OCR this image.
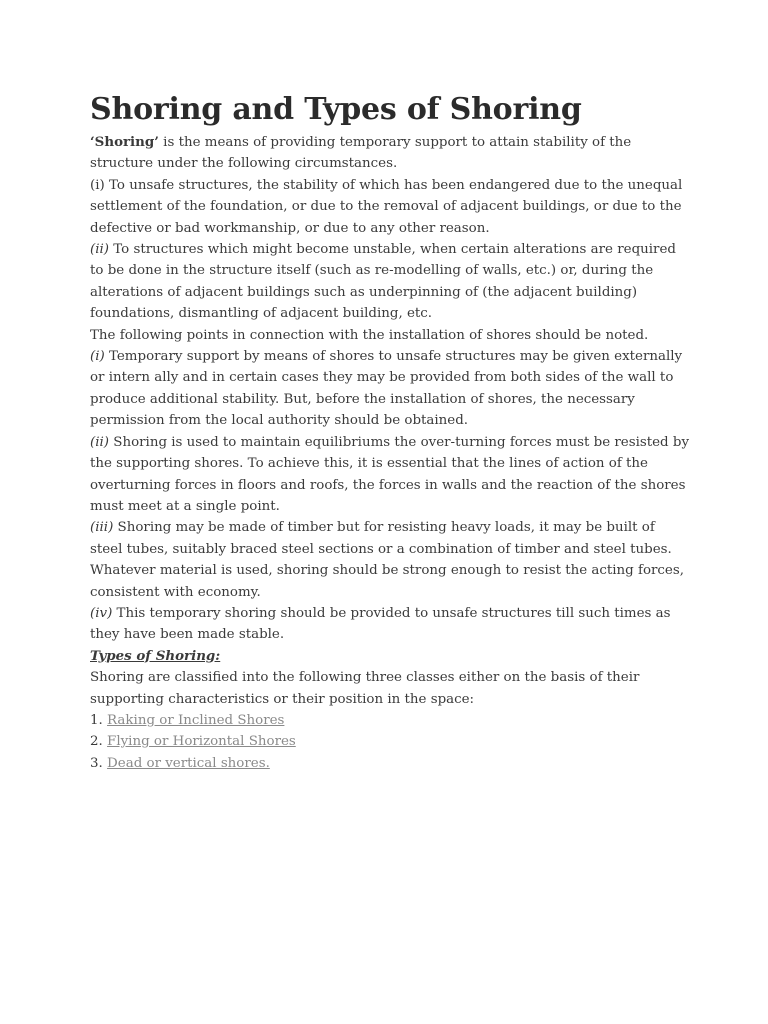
Shoring and Types of Shoring

‘Shoring’ is the means of providing temporary support to attain stability of the structure under the following circumstances.

(i) To unsafe structures, the stability of which has been endangered due to the unequal settlement of the foundation, or due to the removal of adjacent buildings, or due to the defective or bad workmanship, or due to any other reason.

(ii) To structures which might become unstable, when certain alterations are required to be done in the structure itself (such as re-modelling of walls, etc.) or, during the alterations of adjacent buildings such as underpinning of (the adjacent building) foundations, dismantling of adjacent building, etc.

The following points in connection with the installation of shores should be noted.

(i) Temporary support by means of shores to unsafe structures may be given externally or intern ally and in certain cases they may be provided from both sides of the wall to produce additional stability. But, before the installation of shores, the necessary permission from the local authority should be obtained.

(ii) Shoring is used to maintain equilibriums the over-turning forces must be resisted by the supporting shores. To achieve this, it is essential that the lines of action of the overturning forces in floors and roofs, the forces in walls and the reaction of the shores must meet at a single point.

(iii) Shoring may be made of timber but for resisting heavy loads, it may be built of steel tubes, suitably braced steel sections or a combination of timber and steel tubes. Whatever material is used, shoring should be strong enough to resist the acting forces, consistent with economy.

(iv) This temporary shoring should be provided to unsafe structures till such times as they have been made stable.

Types of Shoring:

Shoring are classified into the following three classes either on the basis of their supporting characteristics or their position in the space:

1. Raking or Inclined Shores

2. Flying or Horizontal Shores

3. Dead or vertical shores.
